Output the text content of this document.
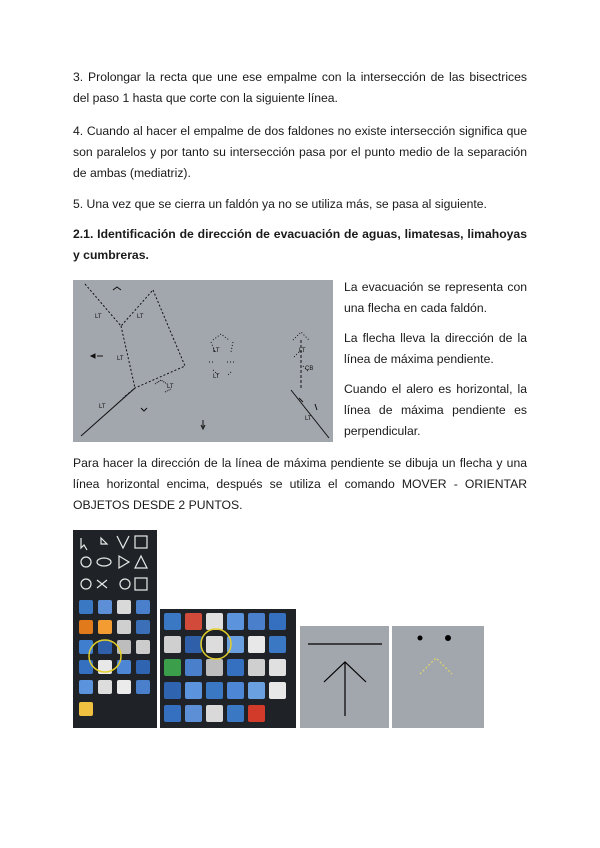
3. Prolongar la recta que une ese empalme con la intersección de las bisectrices del paso 1 hasta que corte con la siguiente línea.

4. Cuando al hacer el empalme de dos faldones no existe intersección significa que son paralelos y por tanto su intersección pasa por el punto medio de la separación de ambas (mediatriz).

5. Una vez que se cierra un faldón ya no se utiliza más, se pasa al siguiente.

2.1. Identificación de dirección de evacuación de aguas, limatesas, limahoyas y cumbreras.

LT	LT
LT
LT
LT
LT
LT
LT
CB
LT

La evacuación se representa con una flecha en cada faldón.

La flecha lleva la dirección de la línea de máxima pendiente.

Cuando el alero es horizontal, la línea de máxima pendiente es perpendicular.

Para hacer la dirección de la línea de máxima pendiente se dibuja un flecha y una línea horizontal encima, después se utiliza el comando MOVER - ORIENTAR OBJETOS DESDE 2 PUNTOS.
